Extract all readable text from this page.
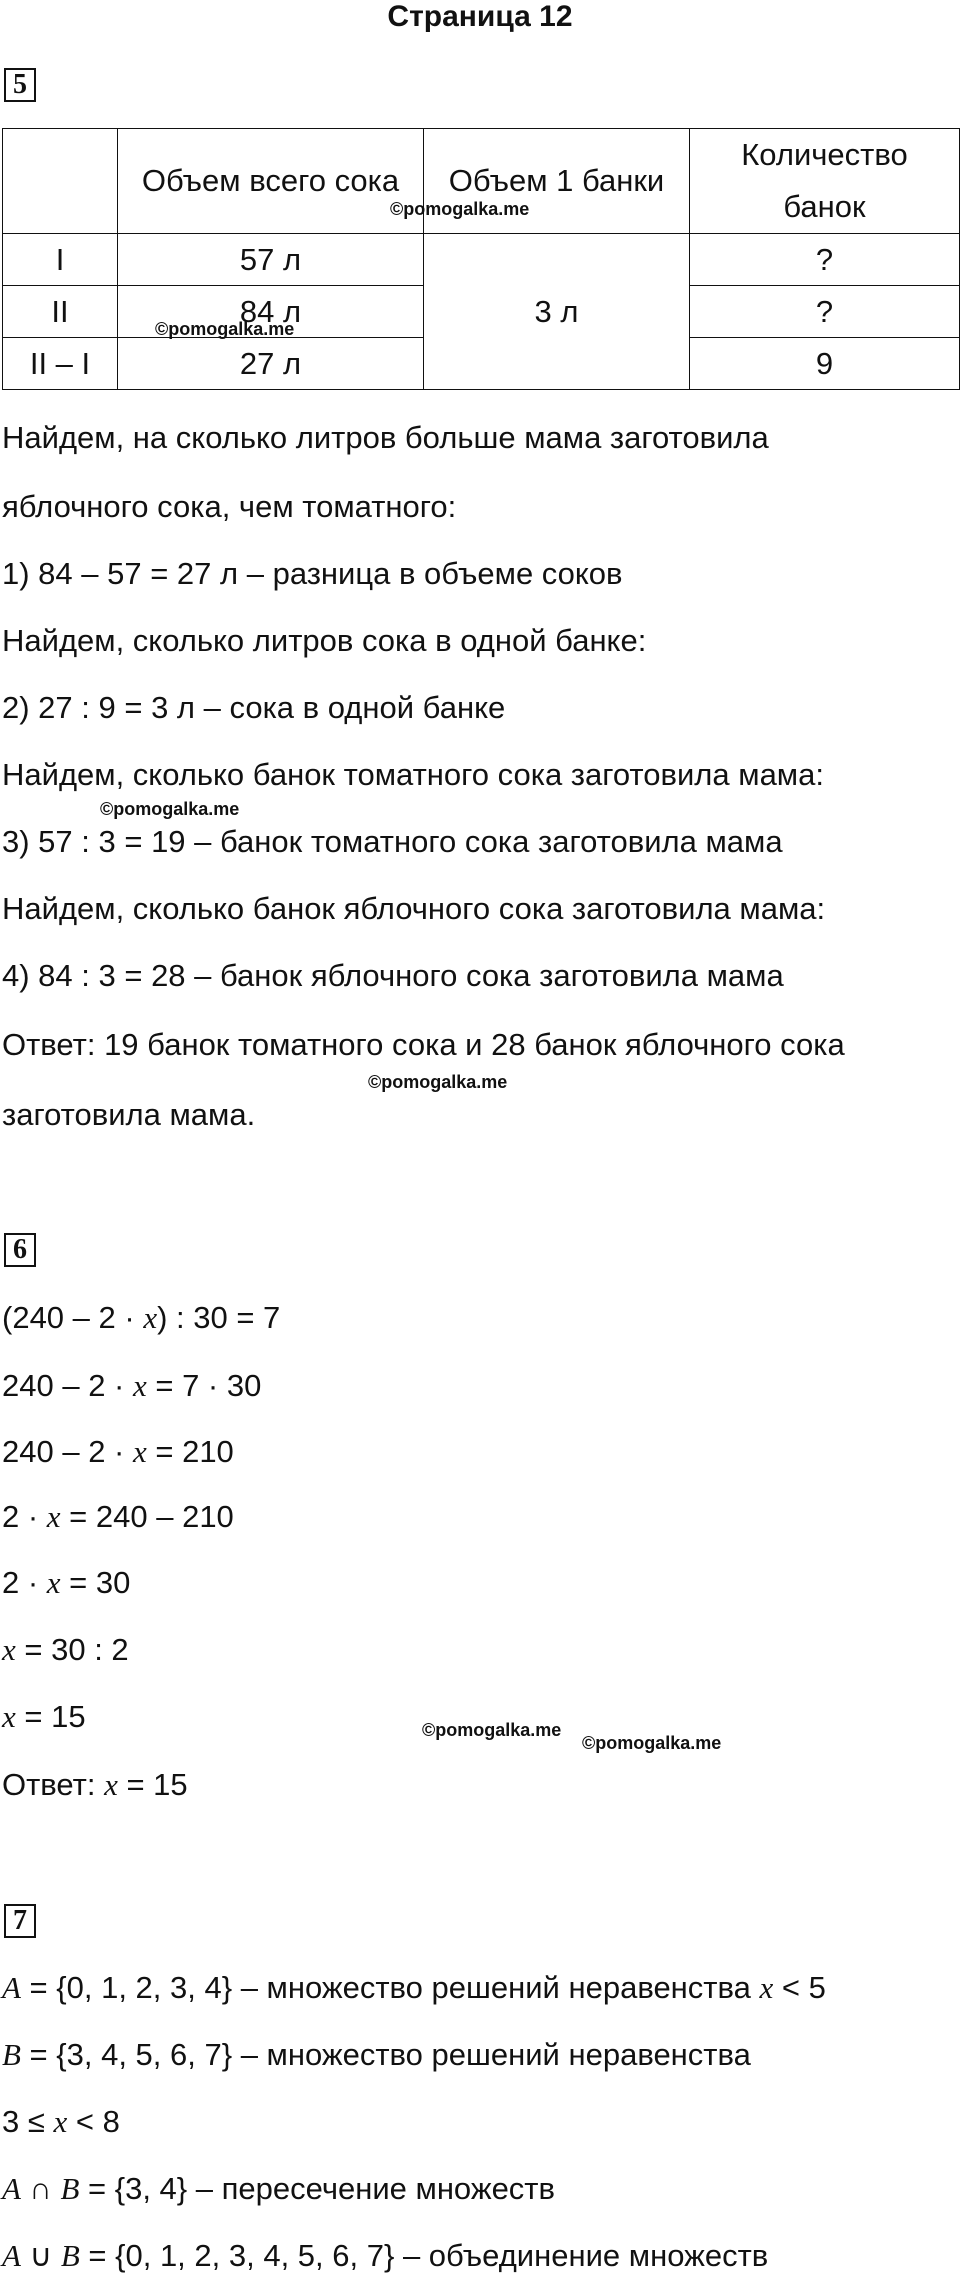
Страница 12
5
	Объем всего сока	Объем 1 банки	Количество банок
I	57 л	3 л	?
II	84 л		?
II – I	27 л		9
©pomogalka.me
©pomogalka.me
Найдем, на сколько литров больше мама заготовила
яблочного сока, чем томатного:
1) 84 – 57 = 27 л – разница в объеме соков
Найдем, сколько литров сока в одной банке:
2) 27 : 9 = 3 л – сока в одной банке
Найдем, сколько банок томатного сока заготовила мама:
©pomogalka.me
3) 57 : 3 = 19 – банок томатного сока заготовила мама
Найдем, сколько банок яблочного сока заготовила мама:
4) 84 : 3 = 28 – банок яблочного сока заготовила мама
Ответ: 19 банок томатного сока и 28 банок яблочного сока
©pomogalka.me
заготовила мама.
6
(240 – 2 · x) : 30 = 7
240 – 2 · x = 7 · 30
240 – 2 · x = 210
2 · x = 240 – 210
2 · x = 30
x = 30 : 2
x = 15	©pomogalka.me
©pomogalka.me
Ответ: x = 15
7
A = {0, 1, 2, 3, 4} – множество решений неравенства x < 5
B = {3, 4, 5, 6, 7} – множество решений неравенства
3 ≤ x < 8
A ∩ B = {3, 4} – пересечение множеств
A ∪ B = {0, 1, 2, 3, 4, 5, 6, 7} – объединение множеств
